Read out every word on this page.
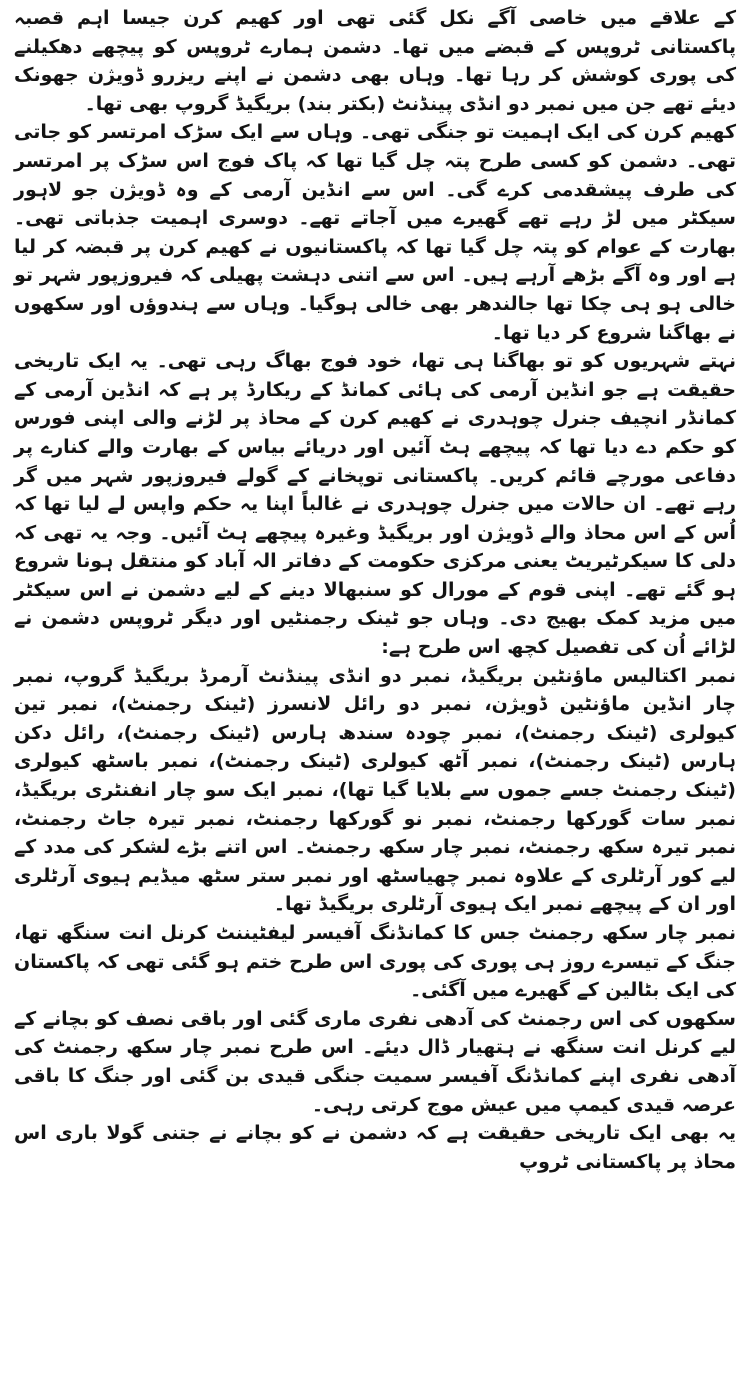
کے علاقے میں خاصی آگے نکل گئی تھی اور کھیم کرن جیسا اہم قصبہ پاکستانی ٹروپس کے قبضے میں تھا۔ دشمن ہمارے ٹروپس کو پیچھے دھکیلنے کی پوری کوشش کر رہا تھا۔ وہاں بھی دشمن نے اپنے ریزرو ڈویژن جھونک دیئے تھے جن میں نمبر دو انڈی پینڈنٹ (بکتر بند) بریگیڈ گروپ بھی تھا۔

کھیم کرن کی ایک اہمیت تو جنگی تھی۔ وہاں سے ایک سڑک امرتسر کو جاتی تھی۔ دشمن کو کسی طرح پتہ چل گیا تھا کہ پاک فوج اس سڑک پر امرتسر کی طرف پیشقدمی کرے گی۔ اس سے انڈین آرمی کے وہ ڈویژن جو لاہور سیکٹر میں لڑ رہے تھے گھیرے میں آجاتے تھے۔ دوسری اہمیت جذباتی تھی۔ بھارت کے عوام کو پتہ چل گیا تھا کہ پاکستانیوں نے کھیم کرن پر قبضہ کر لیا ہے اور وہ آگے بڑھے آرہے ہیں۔ اس سے اتنی دہشت پھیلی کہ فیروزپور شہر تو خالی ہو ہی چکا تھا جالندھر بھی خالی ہوگیا۔ وہاں سے ہندوؤں اور سکھوں نے بھاگنا شروع کر دیا تھا۔

نہتے شہریوں کو تو بھاگنا ہی تھا، خود فوج بھاگ رہی تھی۔ یہ ایک تاریخی حقیقت ہے جو انڈین آرمی کی ہائی کمانڈ کے ریکارڈ پر ہے کہ انڈین آرمی کے کمانڈر انچیف جنرل چوہدری نے کھیم کرن کے محاذ پر لڑنے والی اپنی فورس کو حکم دے دیا تھا کہ پیچھے ہٹ آئیں اور دریائے بیاس کے بھارت والے کنارے پر دفاعی مورچے قائم کریں۔ پاکستانی توپخانے کے گولے فیروزپور شہر میں گر رہے تھے۔ ان حالات میں جنرل چوہدری نے غالباً اپنا یہ حکم واپس لے لیا تھا کہ اُس کے اس محاذ والے ڈویژن اور بریگیڈ وغیرہ پیچھے ہٹ آئیں۔ وجہ یہ تھی کہ دلی کا سیکرٹیریٹ یعنی مرکزی حکومت کے دفاتر الہ آباد کو منتقل ہونا شروع ہو گئے تھے۔ اپنی قوم کے مورال کو سنبھالا دینے کے لیے دشمن نے اس سیکٹر میں مزید کمک بھیج دی۔ وہاں جو ٹینک رجمنٹیں اور دیگر ٹروپس دشمن نے لڑائے اُن کی تفصیل کچھ اس طرح ہے:

نمبر اکتالیس ماؤنٹین بریگیڈ، نمبر دو انڈی پینڈنٹ آرمرڈ بریگیڈ گروپ، نمبر چار انڈین ماؤنٹین ڈویژن، نمبر دو رائل لانسرز (ٹینک رجمنٹ)، نمبر تین کیولری (ٹینک رجمنٹ)، نمبر چودہ سندھ ہارس (ٹینک رجمنٹ)، رائل دکن ہارس (ٹینک رجمنٹ)، نمبر آٹھ کیولری (ٹینک رجمنٹ)، نمبر باسٹھ کیولری (ٹینک رجمنٹ جسے جموں سے بلایا گیا تھا)، نمبر ایک سو چار انفنٹری بریگیڈ، نمبر سات گورکھا رجمنٹ، نمبر نو گورکھا رجمنٹ، نمبر تیرہ جاٹ رجمنٹ، نمبر تیرہ سکھ رجمنٹ، نمبر چار سکھ رجمنٹ۔ اس اتنے بڑے لشکر کی مدد کے لیے کور آرٹلری کے علاوہ نمبر چھیاسٹھ اور نمبر ستر سٹھ میڈیم ہیوی آرٹلری اور ان کے پیچھے نمبر ایک ہیوی آرٹلری بریگیڈ تھا۔

نمبر چار سکھ رجمنٹ جس کا کمانڈنگ آفیسر لیفٹیننٹ کرنل انت سنگھ تھا، جنگ کے تیسرے روز ہی پوری کی پوری اس طرح ختم ہو گئی تھی کہ پاکستان کی ایک بٹالین کے گھیرے میں آگئی۔

سکھوں کی اس رجمنٹ کی آدھی نفری ماری گئی اور باقی نصف کو بچانے کے لیے کرنل انت سنگھ نے ہتھیار ڈال دیئے۔ اس طرح نمبر چار سکھ رجمنٹ کی آدھی نفری اپنے کمانڈنگ آفیسر سمیت جنگی قیدی بن گئی اور جنگ کا باقی عرصہ قیدی کیمپ میں عیش موج کرتی رہی۔

یہ بھی ایک تاریخی حقیقت ہے کہ دشمن نے کو بچانے نے جتنی گولا باری اس محاذ پر پاکستانی ٹروپ
